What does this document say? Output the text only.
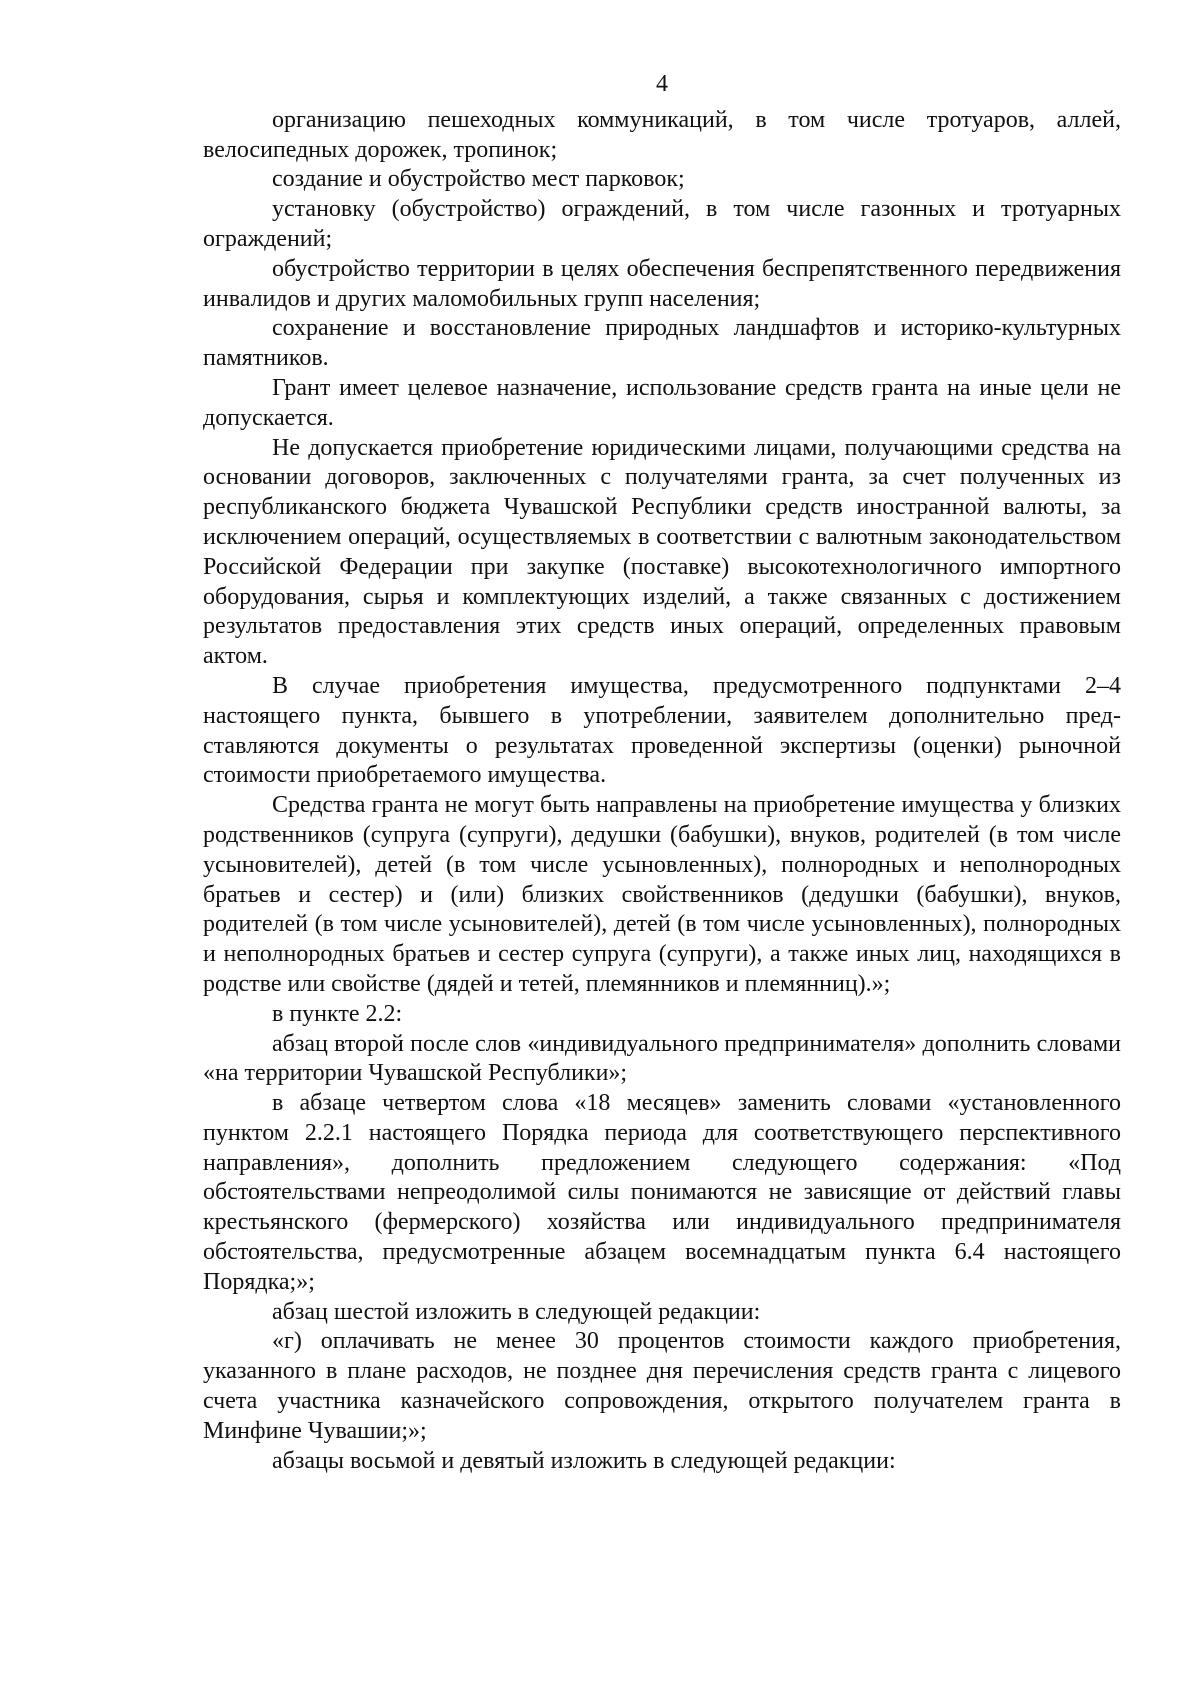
4

организацию пешеходных коммуникаций, в том числе тротуаров, аллей, велосипедных дорожек, тропинок;

создание и обустройство мест парковок;

установку (обустройство) ограждений, в том числе газонных и тротуарных ограждений;

обустройство территории в целях обеспечения беспрепятственного передвижения инвалидов и других маломобильных групп населения;

сохранение и восстановление природных ландшафтов и историко-культурных памятников.

Грант имеет целевое назначение, использование средств гранта на иные цели не допускается.

Не допускается приобретение юридическими лицами, получающими средства на основании договоров, заключенных с получателями гранта, за счет полученных из республиканского бюджета Чувашской Республики средств иностранной валюты, за исключением операций, осуществляемых в соответствии с валютным законодательством Российской Федерации при закупке (поставке) высокотехнологичного импортного оборудования, сырья и комплектующих изделий, а также связанных с достижением результатов предоставления этих средств иных операций, определенных правовым актом.

В случае приобретения имущества, предусмотренного подпунктами 2–4 настоящего пункта, бывшего в употреблении, заявителем дополнительно представляются документы о результатах проведенной экспертизы (оценки) рыночной стоимости приобретаемого имущества.

Средства гранта не могут быть направлены на приобретение имущества у близких родственников (супруга (супруги), дедушки (бабушки), внуков, родителей (в том числе усыновителей), детей (в том числе усыновленных), полнородных и неполнородных братьев и сестер) и (или) близких свойственников (дедушки (бабушки), внуков, родителей (в том числе усыновителей), детей (в том числе усыновленных), полнородных и неполнородных братьев и сестер супруга (супруги), а также иных лиц, находящихся в родстве или свойстве (дядей и тетей, племянников и племянниц).»;

в пункте 2.2:

абзац второй после слов «индивидуального предпринимателя» дополнить словами «на территории Чувашской Республики»;

в абзаце четвертом слова «18 месяцев» заменить словами «установленного пунктом 2.2.1 настоящего Порядка периода для соответствующего перспективного направления», дополнить предложением следующего содержания: «Под обстоятельствами непреодолимой силы понимаются не зависящие от действий главы крестьянского (фермерского) хозяйства или индивидуального предпринимателя обстоятельства, предусмотренные абзацем восемнадцатым пункта 6.4 настоящего Порядка;»;

абзац шестой изложить в следующей редакции:

«г) оплачивать не менее 30 процентов стоимости каждого приобретения, указанного в плане расходов, не позднее дня перечисления средств гранта с лицевого счета участника казначейского сопровождения, открытого получателем гранта в Минфине Чувашии;»;

абзацы восьмой и девятый изложить в следующей редакции:
